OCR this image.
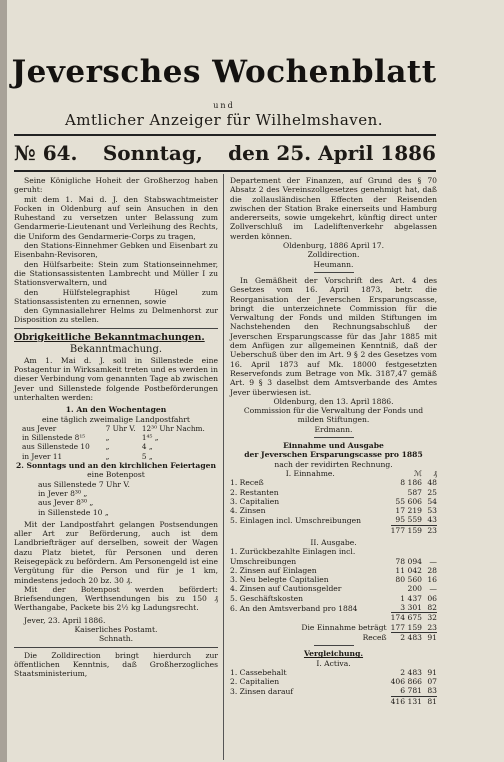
Jeversches Wochenblatt
und
Amtlicher Anzeiger für Wilhelmshaven.
№ 64. Sonntag, den 25. April 1886

Seine Königliche Hoheit der Großherzog haben geruht:

mit dem 1. Mai d. J. den Stabswachtmeister Focken in Oldenburg auf sein Ansuchen in den Ruhestand zu versetzen unter Belassung zum Gendarmerie-Lieutenant und Verleihung des Rechts, die Uniform des Gendarmerie-Corps zu tragen,

den Stations-Einnehmer Gebken und Eisenbart zu Eisenbahn-Revisoren,

den Hülfsarbeite: Stein zum Stationseinnehmer, die Stationsassistenten Lambrecht und Müller I zu Stationsverwaltern, und

den Hülfstelegraphist Hügel zum Stationsassistenten zu ernennen, sowie

den Gymnasiallehrer Helms zu Delmenhorst zur Disposition zu stellen.

Obrigkeitliche Bekanntmachungen.

Bekanntmachung.

Am 1. Mai d. J. soll in Sillenstede eine Postagentur in Wirksamkeit treten und es werden in dieser Verbindung vom genannten Tage ab zwischen Jever und Sillenstede folgende Postbeförderungen unterhalten werden:

1. An den Wochentagen

eine täglich zweimalige Landpostfahrt

aus Jever	7 Uhr V.	12³⁰ Uhr Nachm.
in Sillenstede 8¹⁵	„	1⁴⁵ „
aus Sillenstede 10	„	4 „
in Jever 11	„	5 „

2. Sonntags und an den kirchlichen Feiertagen

eine Botenpost

aus Sillenstede 7 Uhr V.

in Jever 8³⁰ „

aus Jever 8³⁰ „

in Sillenstede 10 „

Mit der Landpostfahrt gelangen Postsendungen aller Art zur Beförderung, auch ist dem Landbriefträger auf derselben, soweit der Wagen dazu Platz bietet, für Personen und deren Reisegepäck zu befördern. Am Personengeld ist eine Vergütung für die Person und für je 1 km, mindestens jedoch 20 bz. 30 ₰.

Mit der Botenpost werden befördert: Briefsendungen, Werthsendungen bis zu 150 ₰ Werthangabe, Packete bis 2½ kg Ladungsrecht.

Jever, 23. April 1886.

Kaiserliches Postamt.

Schnath.

Die Zolldirection bringt hierdurch zur öffentlichen Kenntnis, daß Großherzogliches Staatsministerium,

Departement der Finanzen, auf Grund des § 70 Absatz 2 des Vereinszollgesetzes genehmigt hat, daß die zollausländischen Effecten der Reisenden zwischen der Station Brake einerseits und Hamburg andererseits, sowie umgekehrt, künftig direct unter Zollverschluß im Ladeliftenverkehr abgelassen werden können.

Oldenburg, 1886 April 17.

Zolldirection.

Heumann.

In Gemäßheit der Vorschrift des Art. 4 des Gesetzes vom 16. April 1873, betr. die Reorganisation der Jeverschen Ersparungscasse, bringt die unterzeichnete Commission für die Verwaltung der Fonds und milden Stiftungen im Nachstehenden den Rechnungsabschluß der Jeverschen Ersparungscasse für das Jahr 1885 mit dem Anfügen zur allgemeinen Kenntniß, daß der Ueberschuß über den im Art. 9 § 2 des Gesetzes vom 16. April 1873 auf Mk. 18000 festgesetzten Reservefonds zum Betrage von Mk. 3187,47 gemäß Art. 9 § 3 daselbst dem Amtsverbande des Amtes Jever überwiesen ist.

Oldenburg, den 13. April 1886.

Commission für die Verwaltung der Fonds und milden Stiftungen.

Erdmann.

Einnahme und Ausgabe

der Jeverschen Ersparungscasse pro 1885

nach der revidirten Rechnung.

I. Einnahme.	ℳ	₰
1. Receß	8 186	48
2. Restanten	587	25
3. Capitalien	55 606	54
4. Zinsen	17 219	53
5. Einlagen incl. Umschreibungen	95 559	43
	177 159	23

II. Ausgabe.

1. Zurückbezahlte Einlagen incl. Umschreibungen	78 094	—
2. Zinsen auf Einlagen	11 042	28
3. Neu belegte Capitalien	80 560	16
4. Zinsen auf Cautionsgelder	200	—
5. Geschäftskosten	1 437	06
6. An den Amtsverband pro 1884	3 301	82
	174 675	32
Die Einnahme beträgt	177 159	23
Receß	2 483	91

Vergleichung.

I. Activa.

1. Cassebehalt	2 483	91
2. Capitalien	406 866	07
3. Zinsen darauf	6 781	83
	416 131	81
